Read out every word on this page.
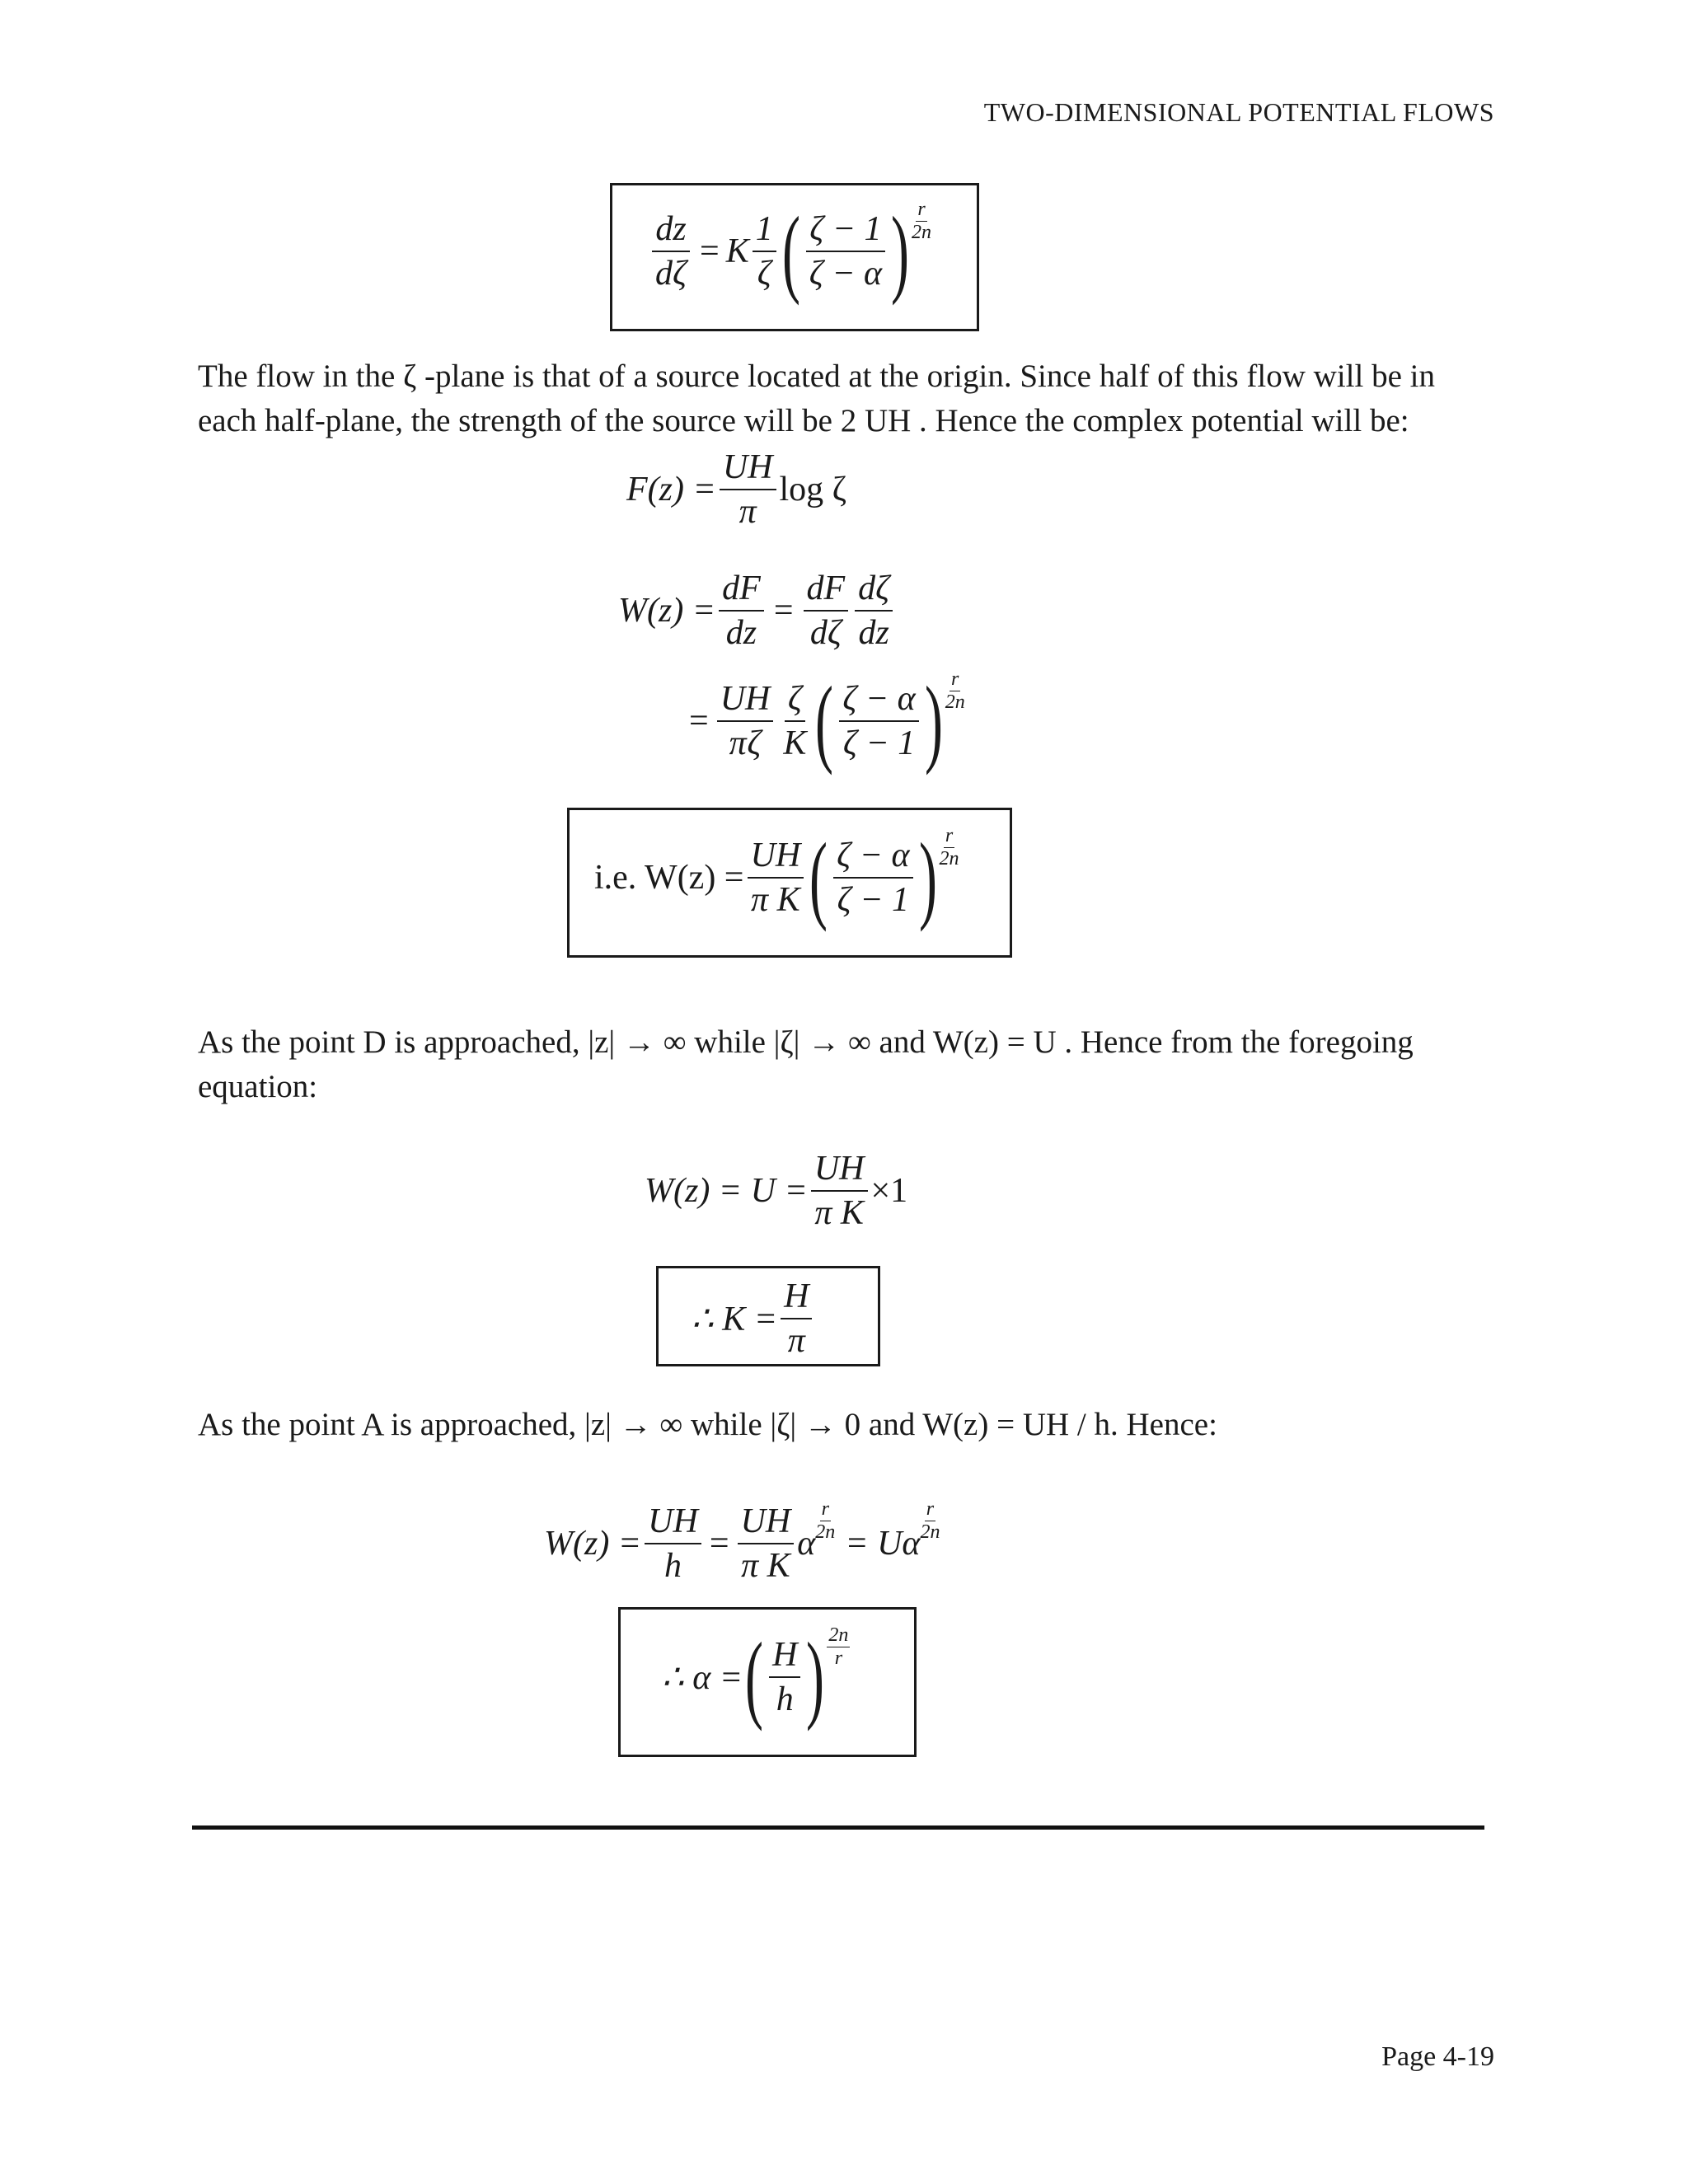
TWO-DIMENSIONAL POTENTIAL FLOWS
$\frac{dz}{d\zeta} = K \frac{1}{\zeta}$ ( $\frac{\zeta - 1}{\zeta - \alpha}$ ) $\frac{r}{2n}$
The flow in the ζ -plane is that of a source located at the origin. Since half of this flow will be in
each half-plane, the strength of the source will be 2 UH . Hence the complex potential will be:
$F(z) = \frac{UH}{\pi}$ log ζ
$W(z) = \frac{dF}{dz} = \frac{dF}{d\zeta} \frac{d\zeta}{dz}$
= $\frac{UH}{\pi\zeta} \frac{\zeta}{K}$ ( $\frac{\zeta - \alpha}{\zeta - 1}$ ) $\frac{r}{2n}$
i.e. $W(z) = \frac{UH}{\text{π K}}$ ( $\frac{\zeta - \alpha}{\zeta - 1}$ ) $\frac{r}{2n}$
As the point D is approached, |z| → ∞ while |ζ| → ∞ and W(z) = U . Hence from the foregoing
equation:
$W(z) = U = \frac{UH}{\text{π K}} \times 1$
∴ $K = \frac{H}{\pi}$
As the point A is approached, |z| → ∞ while |ζ| → 0 and W(z) = UH / h. Hence:
$W(z) = \frac{UH}{h} = \frac{UH}{\text{π K}}$ α $\frac{r}{2n} = U\alpha \frac{r}{2n}$
∴ α = ( $\frac{H}{h}$ ) $\frac{2n}{r}$
Page 4-19
